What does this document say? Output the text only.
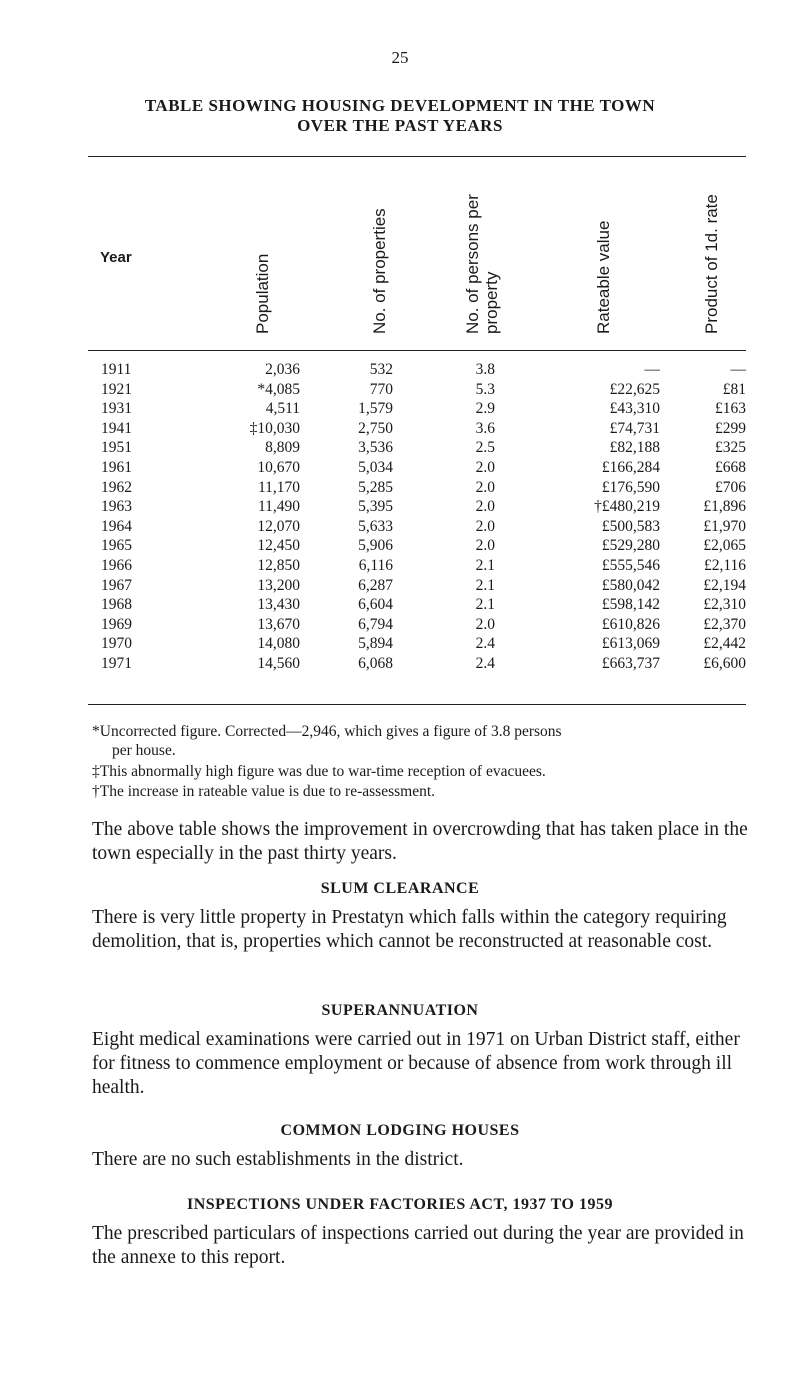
25
TABLE SHOWING HOUSING DEVELOPMENT IN THE TOWN
OVER THE PAST YEARS
Year	Population	No. of properties	No. of persons per property	Rateable value	Product of 1d. rate
1911	2,036	532	3.8	—	—
1921	*4,085	770	5.3	£22,625	£81
1931	4,511	1,579	2.9	£43,310	£163
1941	‡10,030	2,750	3.6	£74,731	£299
1951	8,809	3,536	2.5	£82,188	£325
1961	10,670	5,034	2.0	£166,284	£668
1962	11,170	5,285	2.0	£176,590	£706
1963	11,490	5,395	2.0	†£480,219	£1,896
1964	12,070	5,633	2.0	£500,583	£1,970
1965	12,450	5,906	2.0	£529,280	£2,065
1966	12,850	6,116	2.1	£555,546	£2,116
1967	13,200	6,287	2.1	£580,042	£2,194
1968	13,430	6,604	2.1	£598,142	£2,310
1969	13,670	6,794	2.0	£610,826	£2,370
1970	14,080	5,894	2.4	£613,069	£2,442
1971	14,560	6,068	2.4	£663,737	£6,600
*Uncorrected figure. Corrected—2,946, which gives a figure of 3.8 persons
per house.
‡This abnormally high figure was due to war-time reception of evacuees.
†The increase in rateable value is due to re-assessment.
The above table shows the improvement in overcrowding that has taken place in the town especially in the past thirty years.
SLUM CLEARANCE
There is very little property in Prestatyn which falls within the category requiring demolition, that is, properties which cannot be reconstructed at reasonable cost.
SUPERANNUATION
Eight medical examinations were carried out in 1971 on Urban District staff, either for fitness to commence employment or because of absence from work through ill health.
COMMON LODGING HOUSES
There are no such establishments in the district.
INSPECTIONS UNDER FACTORIES ACT, 1937 TO 1959
The prescribed particulars of inspections carried out during the year are provided in the annexe to this report.
